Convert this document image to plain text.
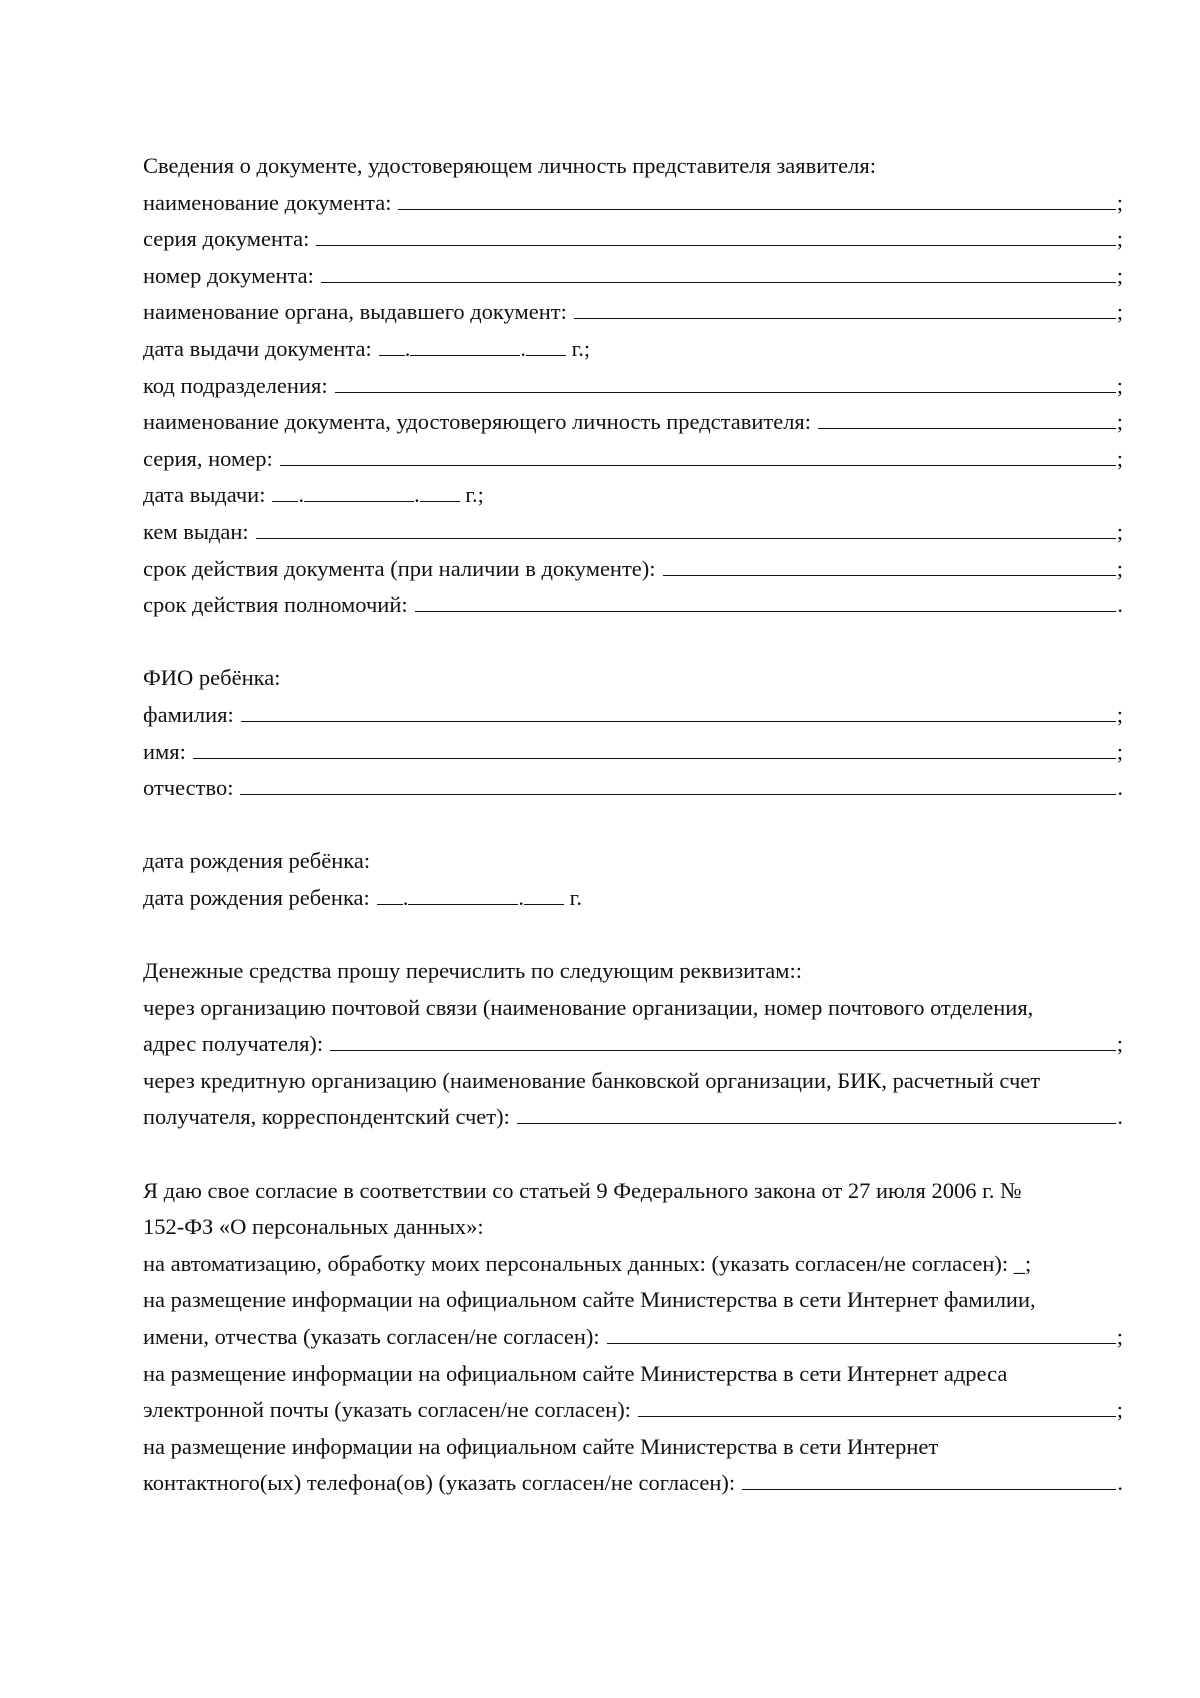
Сведения о документе, удостоверяющем личность представителя заявителя:
наименование документа:	;
серия документа:	;
номер документа:	;
наименование органа, выдавшего документ:	;
дата выдачи документа: .	. г.;
код подразделения:	;
наименование документа, удостоверяющего личность представителя:	;
серия, номер:	;
дата выдачи: .	. г.;
кем выдан:	;
срок действия документа (при наличии в документе):	;
срок действия полномочий:	.
ФИО ребёнка:
фамилия:	;
имя:	;
отчество:	.
дата рождения ребёнка:
дата рождения ребенка: .	. г.
Денежные средства прошу перечислить по следующим реквизитам::
через организацию почтовой связи (наименование организации, номер почтового отделения,
адрес получателя):	;
через кредитную организацию (наименование банковской организации, БИК, расчетный счет
получателя, корреспондентский счет):	.
Я даю свое согласие в соответствии со статьей 9 Федерального закона от 27 июля 2006 г. №
152-ФЗ «О персональных данных»:
на автоматизацию, обработку моих персональных данных: (указать согласен/не согласен): _;
на размещение информации на официальном сайте Министерства в сети Интернет фамилии,
имени, отчества (указать согласен/не согласен):	;
на размещение информации на официальном сайте Министерства в сети Интернет адреса
электронной почты (указать согласен/не согласен):	;
на размещение информации на официальном сайте Министерства в сети Интернет
контактного(ых) телефона(ов) (указать согласен/не согласен):	.
